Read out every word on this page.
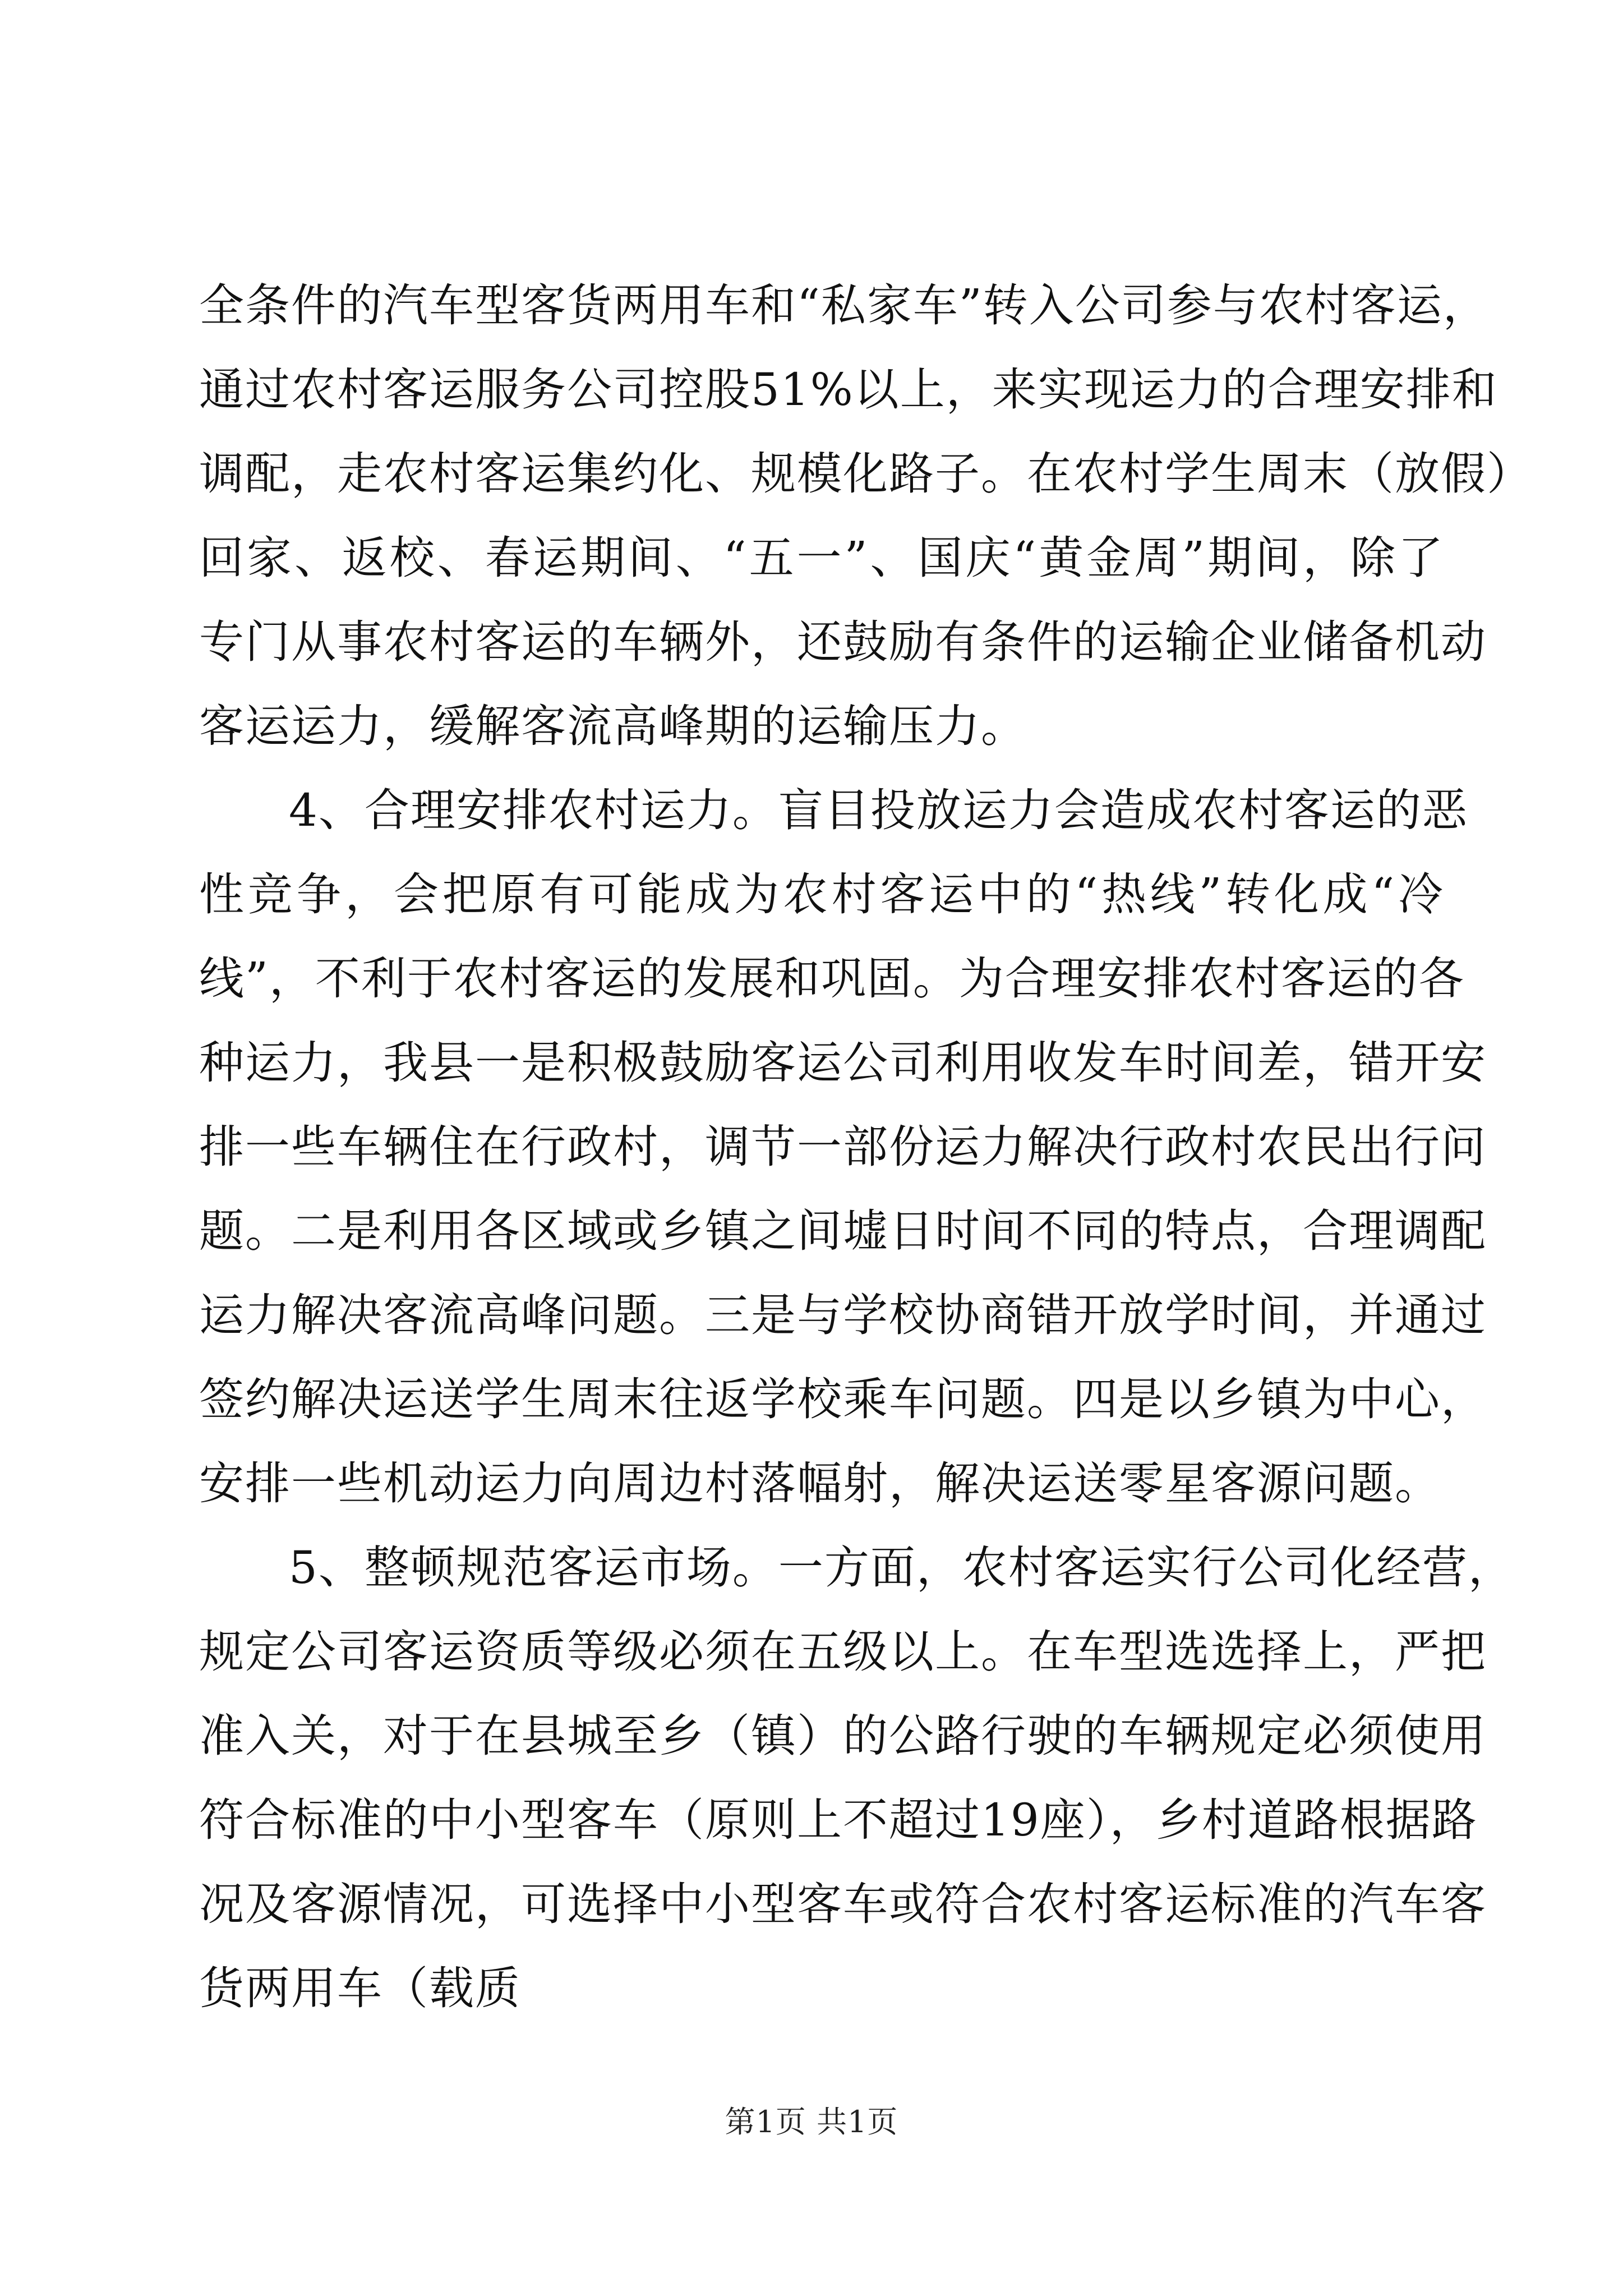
全条件的汽车型客货两用车和“私家车”转入公司参与农村客运，
通过农村客运服务公司控股51%以上，来实现运力的合理安排和
调配，走农村客运集约化、规模化路子。在农村学生周末（放假）
回家、返校、春运期间、“五一”、国庆“黄金周”期间，除了
专门从事农村客运的车辆外，还鼓励有条件的运输企业储备机动
客运运力，缓解客流高峰期的运输压力。
4、合理安排农村运力。盲目投放运力会造成农村客运的恶
性竞争，会把原有可能成为农村客运中的“热线”转化成“冷
线”，不利于农村客运的发展和巩固。为合理安排农村客运的各
种运力，我县一是积极鼓励客运公司利用收发车时间差，错开安
排一些车辆住在行政村，调节一部份运力解决行政村农民出行问
题。二是利用各区域或乡镇之间墟日时间不同的特点，合理调配
运力解决客流高峰问题。三是与学校协商错开放学时间，并通过
签约解决运送学生周末往返学校乘车问题。四是以乡镇为中心，
安排一些机动运力向周边村落幅射，解决运送零星客源问题。
5、整顿规范客运市场。一方面，农村客运实行公司化经营，
规定公司客运资质等级必须在五级以上。在车型选选择上，严把
准入关，对于在县城至乡（镇）的公路行驶的车辆规定必须使用
符合标准的中小型客车（原则上不超过19座），乡村道路根据路
况及客源情况，可选择中小型客车或符合农村客运标准的汽车客
货两用车（载质
第1页 共1页
